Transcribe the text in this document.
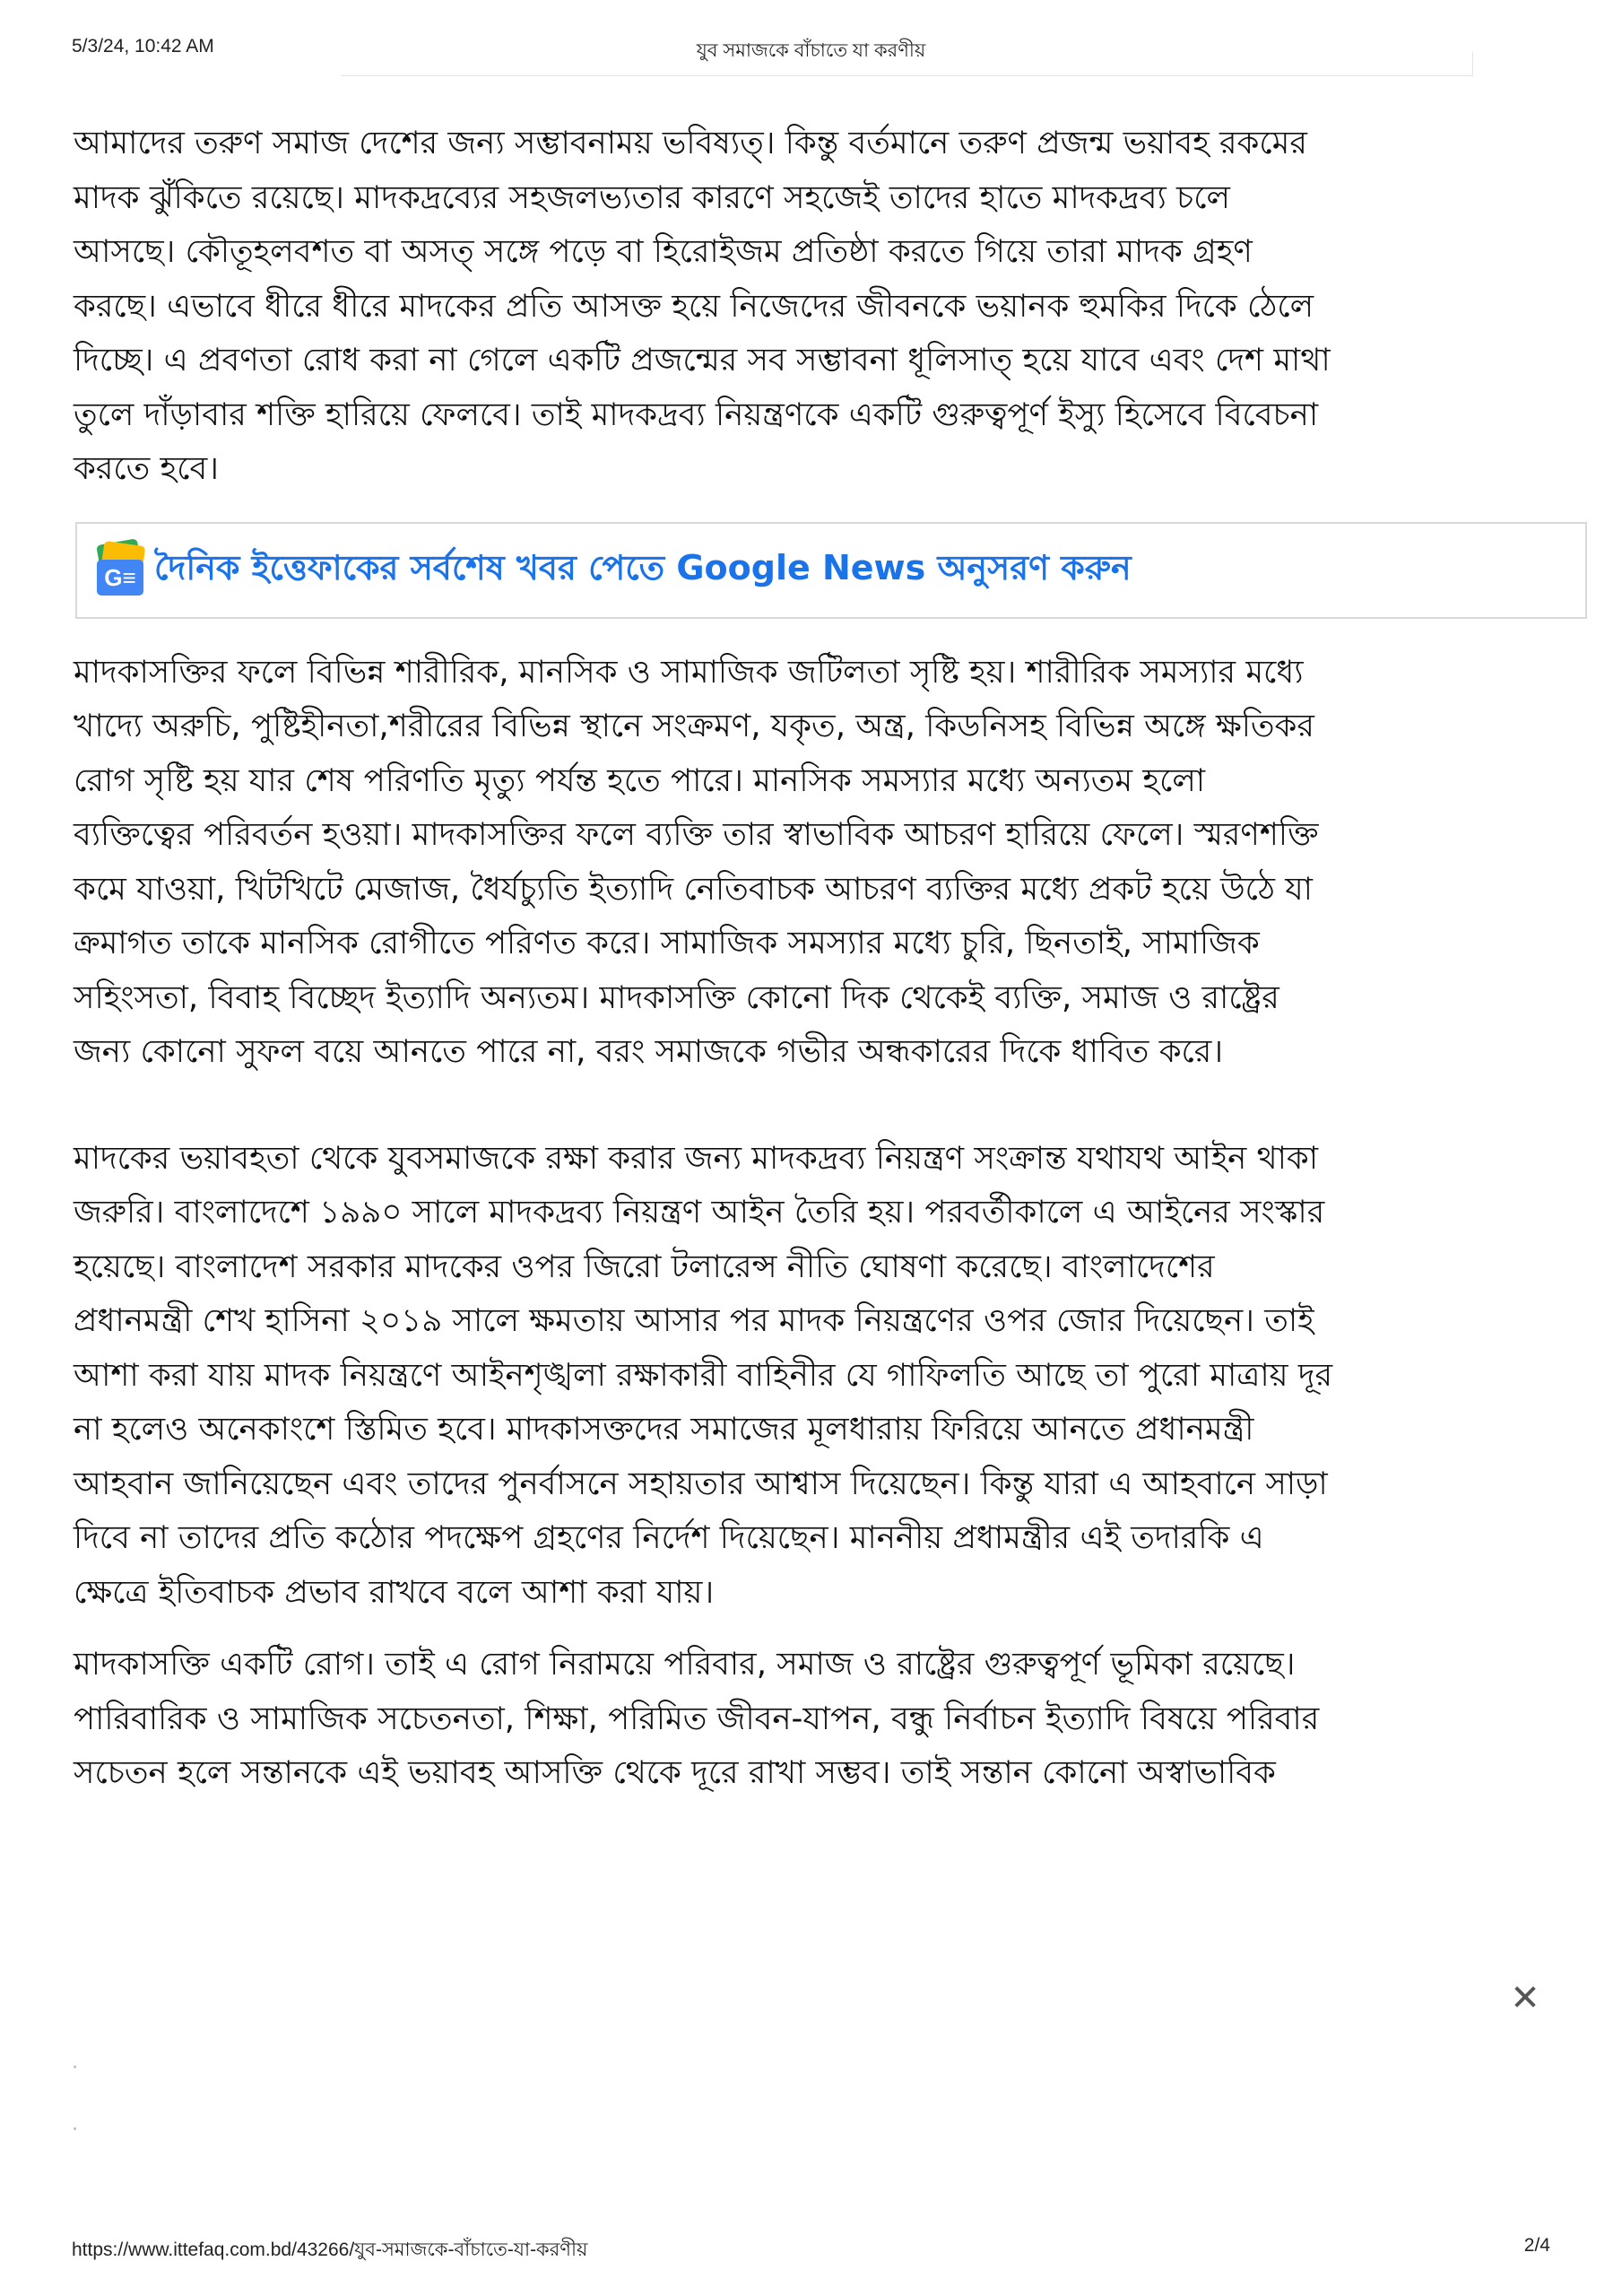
5/3/24, 10:42 AM	যুব সমাজকে বাঁচাতে যা করণীয়

আমাদের তরুণ সমাজ দেশের জন্য সম্ভাবনাময় ভবিষ্যত্। কিন্তু বর্তমানে তরুণ প্রজন্ম ভয়াবহ রকমের
মাদক ঝুঁকিতে রয়েছে। মাদকদ্রব্যের সহজলভ্যতার কারণে সহজেই তাদের হাতে মাদকদ্রব্য চলে
আসছে। কৌতূহলবশত বা অসত্ সঙ্গে পড়ে বা হিরোইজম প্রতিষ্ঠা করতে গিয়ে তারা মাদক গ্রহণ
করছে। এভাবে ধীরে ধীরে মাদকের প্রতি আসক্ত হয়ে নিজেদের জীবনকে ভয়ানক হুমকির দিকে ঠেলে
দিচ্ছে। এ প্রবণতা রোধ করা না গেলে একটি প্রজন্মের সব সম্ভাবনা ধূলিসাত্ হয়ে যাবে এবং দেশ মাথা
তুলে দাঁড়াবার শক্তি হারিয়ে ফেলবে। তাই মাদকদ্রব্য নিয়ন্ত্রণকে একটি গুরুত্বপূর্ণ ইস্যু হিসেবে বিবেচনা
করতে হবে।

G≡ দৈনিক ইত্তেফাকের সর্বশেষ খবর পেতে Google News অনুসরণ করুন

মাদকাসক্তির ফলে বিভিন্ন শারীরিক, মানসিক ও সামাজিক জটিলতা সৃষ্টি হয়। শারীরিক সমস্যার মধ্যে
খাদ্যে অরুচি, পুষ্টিহীনতা,শরীরের বিভিন্ন স্থানে সংক্রমণ, যকৃত, অন্ত্র, কিডনিসহ বিভিন্ন অঙ্গে ক্ষতিকর
রোগ সৃষ্টি হয় যার শেষ পরিণতি মৃত্যু পর্যন্ত হতে পারে। মানসিক সমস্যার মধ্যে অন্যতম হলো
ব্যক্তিত্বের পরিবর্তন হওয়া। মাদকাসক্তির ফলে ব্যক্তি তার স্বাভাবিক আচরণ হারিয়ে ফেলে। স্মরণশক্তি
কমে যাওয়া, খিটখিটে মেজাজ, ধৈর্যচ্যুতি ইত্যাদি নেতিবাচক আচরণ ব্যক্তির মধ্যে প্রকট হয়ে উঠে যা
ক্রমাগত তাকে মানসিক রোগীতে পরিণত করে। সামাজিক সমস্যার মধ্যে চুরি, ছিনতাই, সামাজিক
সহিংসতা, বিবাহ বিচ্ছেদ ইত্যাদি অন্যতম। মাদকাসক্তি কোনো দিক থেকেই ব্যক্তি, সমাজ ও রাষ্ট্রের
জন্য কোনো সুফল বয়ে আনতে পারে না, বরং সমাজকে গভীর অন্ধকারের দিকে ধাবিত করে।

মাদকের ভয়াবহতা থেকে যুবসমাজকে রক্ষা করার জন্য মাদকদ্রব্য নিয়ন্ত্রণ সংক্রান্ত যথাযথ আইন থাকা
জরুরি। বাংলাদেশে ১৯৯০ সালে মাদকদ্রব্য নিয়ন্ত্রণ আইন তৈরি হয়। পরবর্তীকালে এ আইনের সংস্কার
হয়েছে। বাংলাদেশ সরকার মাদকের ওপর জিরো টলারেন্স নীতি ঘোষণা করেছে। বাংলাদেশের
প্রধানমন্ত্রী শেখ হাসিনা ২০১৯ সালে ক্ষমতায় আসার পর মাদক নিয়ন্ত্রণের ওপর জোর দিয়েছেন। তাই
আশা করা যায় মাদক নিয়ন্ত্রণে আইনশৃঙ্খলা রক্ষাকারী বাহিনীর যে গাফিলতি আছে তা পুরো মাত্রায় দূর
না হলেও অনেকাংশে স্তিমিত হবে। মাদকাসক্তদের সমাজের মূলধারায় ফিরিয়ে আনতে প্রধানমন্ত্রী
আহবান জানিয়েছেন এবং তাদের পুনর্বাসনে সহায়তার আশ্বাস দিয়েছেন। কিন্তু যারা এ আহবানে সাড়া
দিবে না তাদের প্রতি কঠোর পদক্ষেপ গ্রহণের নির্দেশ দিয়েছেন। মাননীয় প্রধামন্ত্রীর এই তদারকি এ
ক্ষেত্রে ইতিবাচক প্রভাব রাখবে বলে আশা করা যায়।

মাদকাসক্তি একটি রোগ। তাই এ রোগ নিরাময়ে পরিবার, সমাজ ও রাষ্ট্রের গুরুত্বপূর্ণ ভূমিকা রয়েছে।
পারিবারিক ও সামাজিক সচেতনতা, শিক্ষা, পরিমিত জীবন-যাপন, বন্ধু নির্বাচন ইত্যাদি বিষয়ে পরিবার
সচেতন হলে সন্তানকে এই ভয়াবহ আসক্তি থেকে দূরে রাখা সম্ভব। তাই সন্তান কোনো অস্বাভাবিক

✕
https://www.ittefaq.com.bd/43266/যুব-সমাজকে-বাঁচাতে-যা-করণীয়	2/4
